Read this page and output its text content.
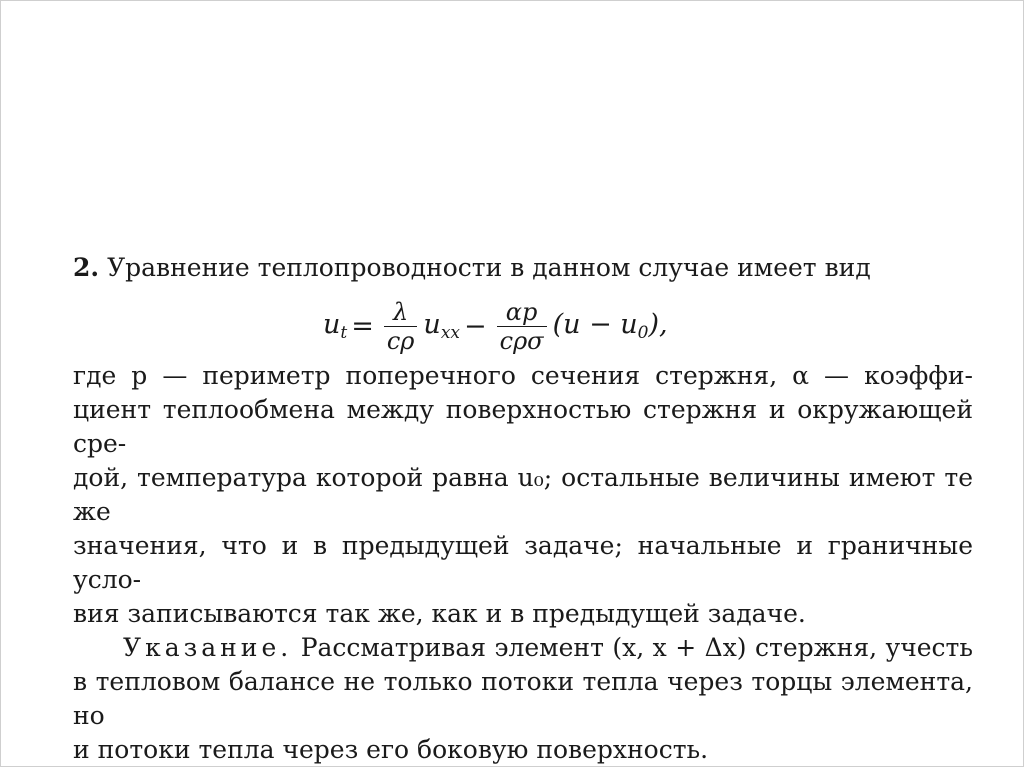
2. Уравнение теплопроводности в данном случае имеет вид
где p — периметр поперечного сечения стержня, α — коэффи-
циент теплообмена между поверхностью стержня и окружающей сре-
дой, температура которой равна u₀; остальные величины имеют те же
значения, что и в предыдущей задаче; начальные и граничные усло-
вия записываются так же, как и в предыдущей задаче.
Указание. Рассматривая элемент (x, x + Δx) стержня, учесть
в тепловом балансе не только потоки тепла через торцы элемента, но
и потоки тепла через его боковую поверхность.
$u_t = \frac{\lambda}{c\rho} u_{xx} - \frac{\alpha p}{\text{cρσ}} (u - u_0)$,
